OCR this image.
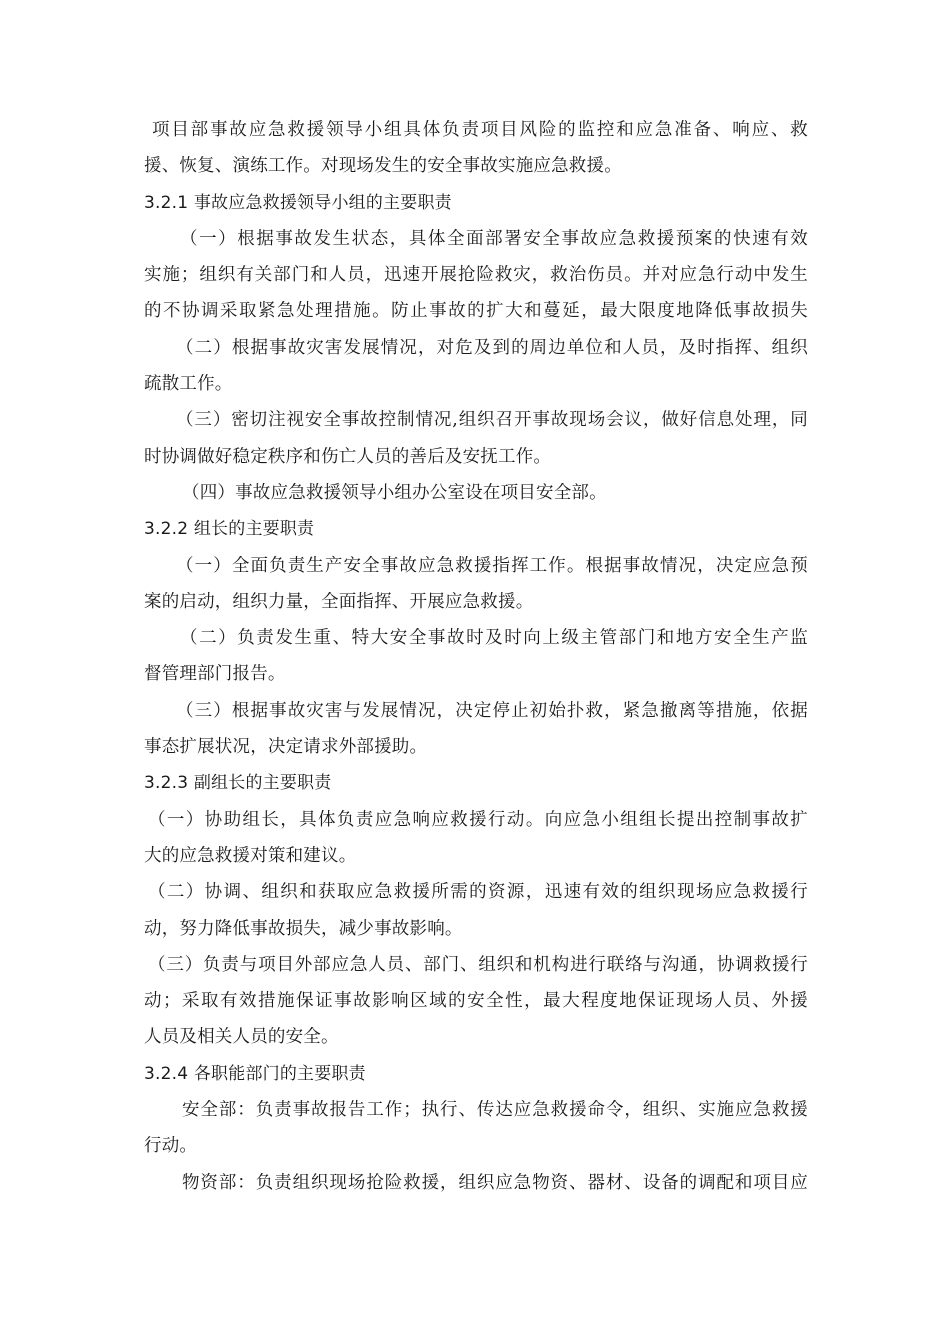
项目部事故应急救援领导小组具体负责项目风险的监控和应急准备、响应、救
援、恢复、演练工作。对现场发生的安全事故实施应急救援。
3.2.1 事故应急救援领导小组的主要职责
（一）根据事故发生状态，具体全面部署安全事故应急救援预案的快速有效
实施；组织有关部门和人员，迅速开展抢险救灾，救治伤员。并对应急行动中发生
的不协调采取紧急处理措施。防止事故的扩大和蔓延，最大限度地降低事故损失
（二）根据事故灾害发展情况，对危及到的周边单位和人员，及时指挥、组织
疏散工作。
（三）密切注视安全事故控制情况,组织召开事故现场会议，做好信息处理，同
时协调做好稳定秩序和伤亡人员的善后及安抚工作。
（四）事故应急救援领导小组办公室设在项目安全部。
3.2.2 组长的主要职责
（一）全面负责生产安全事故应急救援指挥工作。根据事故情况，决定应急预
案的启动，组织力量，全面指挥、开展应急救援。
（二）负责发生重、特大安全事故时及时向上级主管部门和地方安全生产监
督管理部门报告。
（三）根据事故灾害与发展情况，决定停止初始扑救，紧急撤离等措施，依据
事态扩展状况，决定请求外部援助。
3.2.3 副组长的主要职责
（一）协助组长，具体负责应急响应救援行动。向应急小组组长提出控制事故扩
大的应急救援对策和建议。
（二）协调、组织和获取应急救援所需的资源，迅速有效的组织现场应急救援行
动，努力降低事故损失，减少事故影响。
（三）负责与项目外部应急人员、部门、组织和机构进行联络与沟通，协调救援行
动；采取有效措施保证事故影响区域的安全性，最大程度地保证现场人员、外援
人员及相关人员的安全。
3.2.4 各职能部门的主要职责
安全部：负责事故报告工作；执行、传达应急救援命令，组织、实施应急救援
行动。
物资部：负责组织现场抢险救援，组织应急物资、器材、设备的调配和项目应
